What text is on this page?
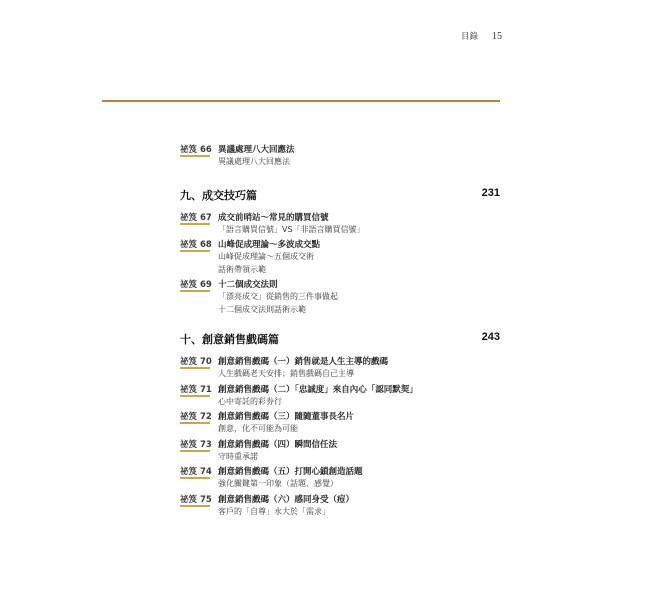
目錄 15
祕笈 66 異議處理八大回應法
異議處理八大回應法
九、成交技巧篇	231
祕笈 67 成交前哨站～常見的購買信號
「語言購買信號」VS「非語言購買信號」
祕笈 68 山峰促成理論～多波成交點
山峰促成理論～五個成交術
話術帶領示範
祕笈 69 十二個成交法則
「漂亮成交」從銷售的三件事做起
十二個成交法則話術示範
十、創意銷售戲碼篇	243
祕笈 70 創意銷售戲碼（一）銷售就是人生主導的戲碼
人生戲碼老天安排；銷售戲碼自己主導
祕笈 71 創意銷售戲碼（二）「忠誠度」來自內心「認同默契」
心中寄託的彩券行
祕笈 72 創意銷售戲碼（三）隨隨董事長名片
創意，化不可能為可能
祕笈 73 創意銷售戲碼（四）瞬間信任法
守時重承諾
祕笈 74 創意銷售戲碼（五）打開心鎖創造話題
強化關鍵第一印象（話題、感覺）
祕笈 75 創意銷售戲碼（六）感同身受（痘）
客戶的「自尊」永大於「需求」
